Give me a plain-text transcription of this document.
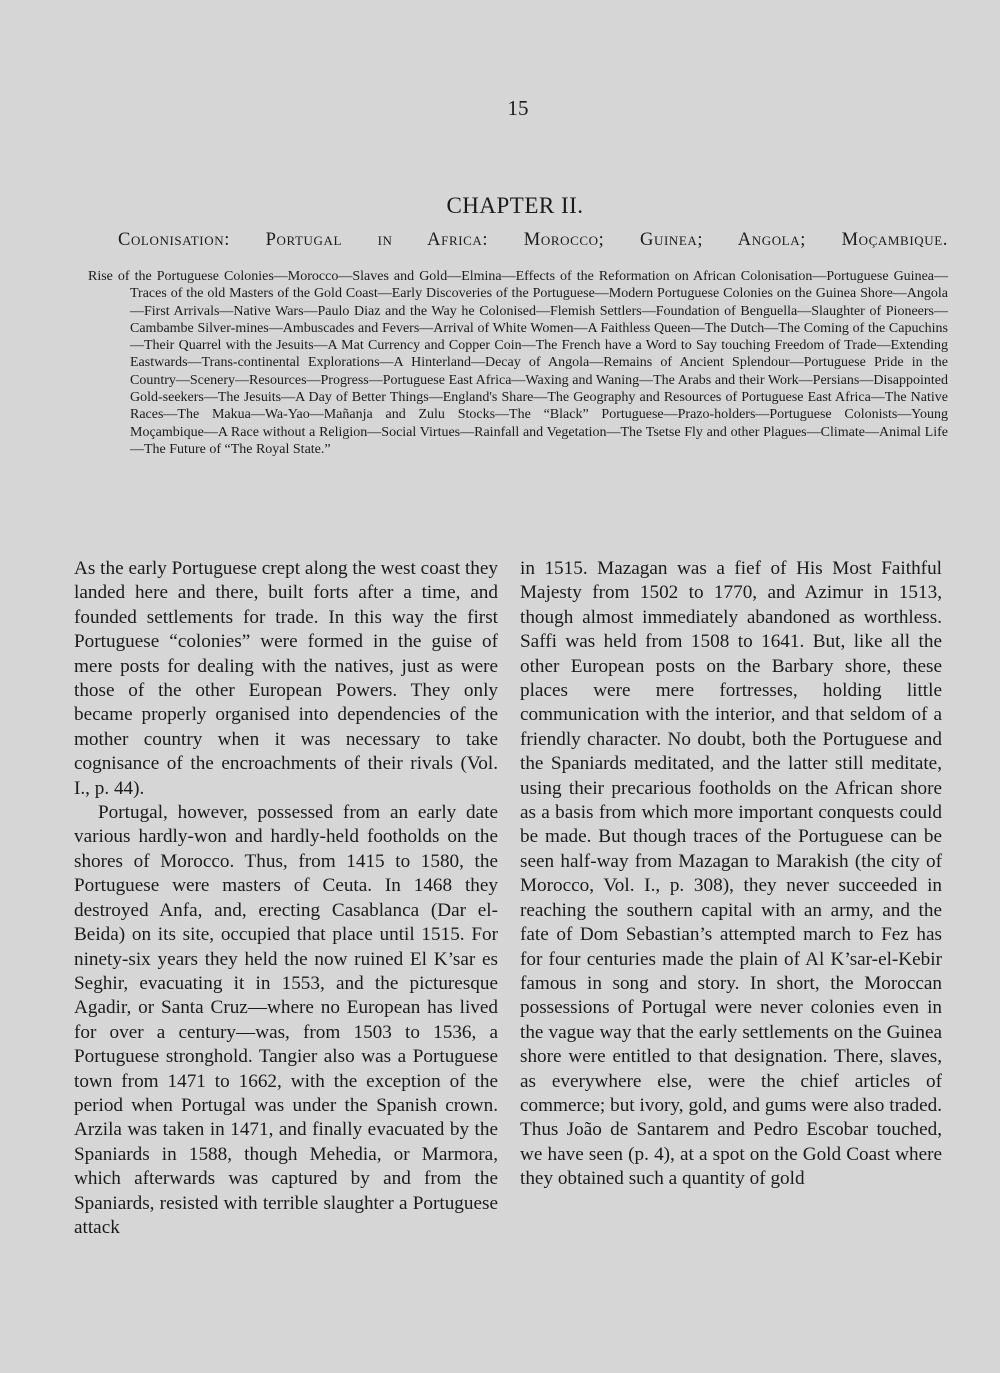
15
CHAPTER II.
Colonisation: Portugal in Africa: Morocco; Guinea; Angola; Moçambique.
Rise of the Portuguese Colonies—Morocco—Slaves and Gold—Elmina—Effects of the Reformation on African Colonisation—Portuguese Guinea—Traces of the old Masters of the Gold Coast—Early Discoveries of the Portuguese—Modern Portuguese Colonies on the Guinea Shore—Angola—First Arrivals—Native Wars—Paulo Diaz and the Way he Colonised—Flemish Settlers—Foundation of Benguella—Slaughter of Pioneers—Cambambe Silver-mines—Ambuscades and Fevers—Arrival of White Women—A Faithless Queen—The Dutch—The Coming of the Capuchins—Their Quarrel with the Jesuits—A Mat Currency and Copper Coin—The French have a Word to Say touching Freedom of Trade—Extending Eastwards—Trans-continental Explorations—A Hinterland—Decay of Angola—Remains of Ancient Splendour—Portuguese Pride in the Country—Scenery—Resources—Progress—Portuguese East Africa—Waxing and Waning—The Arabs and their Work—Persians—Disappointed Gold-seekers—The Jesuits—A Day of Better Things—England's Share—The Geography and Resources of Portuguese East Africa—The Native Races—The Makua—Wa-Yao—Mañanja and Zulu Stocks—The “Black” Portuguese—Prazo-holders—Portuguese Colonists—Young Moçambique—A Race without a Religion—Social Virtues—Rainfall and Vegetation—The Tsetse Fly and other Plagues—Climate—Animal Life—The Future of “The Royal State.”

As the early Portuguese crept along the west coast they landed here and there, built forts after a time, and founded settlements for trade. In this way the first Portuguese “colonies” were formed in the guise of mere posts for dealing with the natives, just as were those of the other European Powers. They only became properly organised into dependencies of the mother country when it was necessary to take cognisance of the encroachments of their rivals (Vol. I., p. 44).

Portugal, however, possessed from an early date various hardly-won and hardly-held footholds on the shores of Morocco. Thus, from 1415 to 1580, the Portuguese were masters of Ceuta. In 1468 they destroyed Anfa, and, erecting Casablanca (Dar el-Beida) on its site, occupied that place until 1515. For ninety-six years they held the now ruined El K’sar es Seghir, evacuating it in 1553, and the picturesque Agadir, or Santa Cruz—where no European has lived for over a century—was, from 1503 to 1536, a Portuguese stronghold. Tangier also was a Portuguese town from 1471 to 1662, with the exception of the period when Portugal was under the Spanish crown. Arzila was taken in 1471, and finally evacuated by the Spaniards in 1588, though Mehedia, or Marmora, which afterwards was captured by and from the Spaniards, resisted with terrible slaughter a Portuguese attack

in 1515. Mazagan was a fief of His Most Faithful Majesty from 1502 to 1770, and Azimur in 1513, though almost immediately abandoned as worthless. Saffi was held from 1508 to 1641. But, like all the other European posts on the Barbary shore, these places were mere fortresses, holding little communication with the interior, and that seldom of a friendly character. No doubt, both the Portuguese and the Spaniards meditated, and the latter still meditate, using their precarious footholds on the African shore as a basis from which more important conquests could be made. But though traces of the Portuguese can be seen half-way from Mazagan to Marakish (the city of Morocco, Vol. I., p. 308), they never succeeded in reaching the southern capital with an army, and the fate of Dom Sebastian’s attempted march to Fez has for four centuries made the plain of Al K’sar-el-Kebir famous in song and story. In short, the Moroccan possessions of Portugal were never colonies even in the vague way that the early settlements on the Guinea shore were entitled to that designation. There, slaves, as everywhere else, were the chief articles of commerce; but ivory, gold, and gums were also traded. Thus João de Santarem and Pedro Escobar touched, we have seen (p. 4), at a spot on the Gold Coast where they obtained such a quantity of gold
